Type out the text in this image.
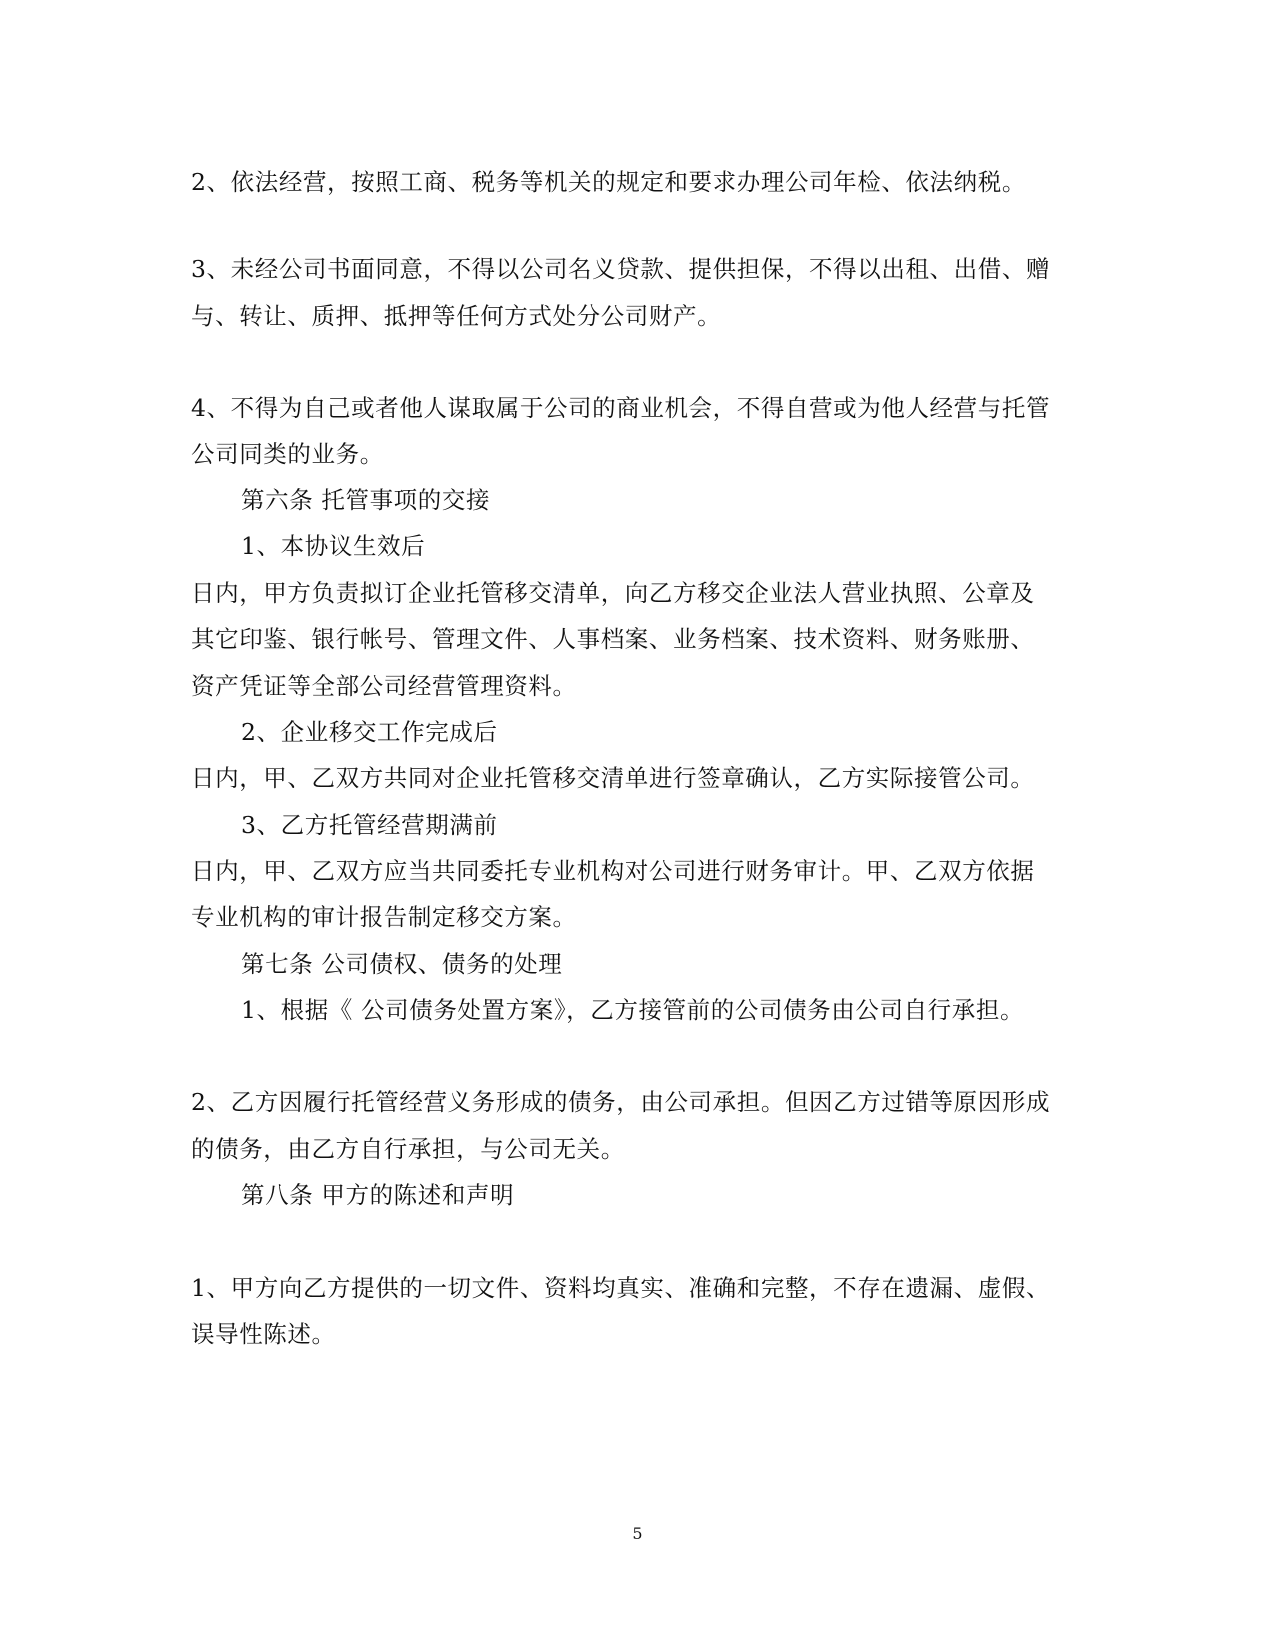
2、依法经营，按照工商、税务等机关的规定和要求办理公司年检、依法纳税。
3、未经公司书面同意，不得以公司名义贷款、提供担保，不得以出租、出借、赠
与、转让、质押、抵押等任何方式处分公司财产。
4、不得为自己或者他人谋取属于公司的商业机会，不得自营或为他人经营与托管
公司同类的业务。
第六条 托管事项的交接
1、本协议生效后
日内，甲方负责拟订企业托管移交清单，向乙方移交企业法人营业执照、公章及
其它印鉴、银行帐号、管理文件、人事档案、业务档案、技术资料、财务账册、
资产凭证等全部公司经营管理资料。
2、企业移交工作完成后
日内，甲、乙双方共同对企业托管移交清单进行签章确认，乙方实际接管公司。
3、乙方托管经营期满前
日内，甲、乙双方应当共同委托专业机构对公司进行财务审计。甲、乙双方依据
专业机构的审计报告制定移交方案。
第七条 公司债权、债务的处理
1、根据《 公司债务处置方案》，乙方接管前的公司债务由公司自行承担。
2、乙方因履行托管经营义务形成的债务，由公司承担。但因乙方过错等原因形成
的债务，由乙方自行承担，与公司无关。
第八条 甲方的陈述和声明
1、甲方向乙方提供的一切文件、资料均真实、准确和完整，不存在遗漏、虚假、
误导性陈述。
5
